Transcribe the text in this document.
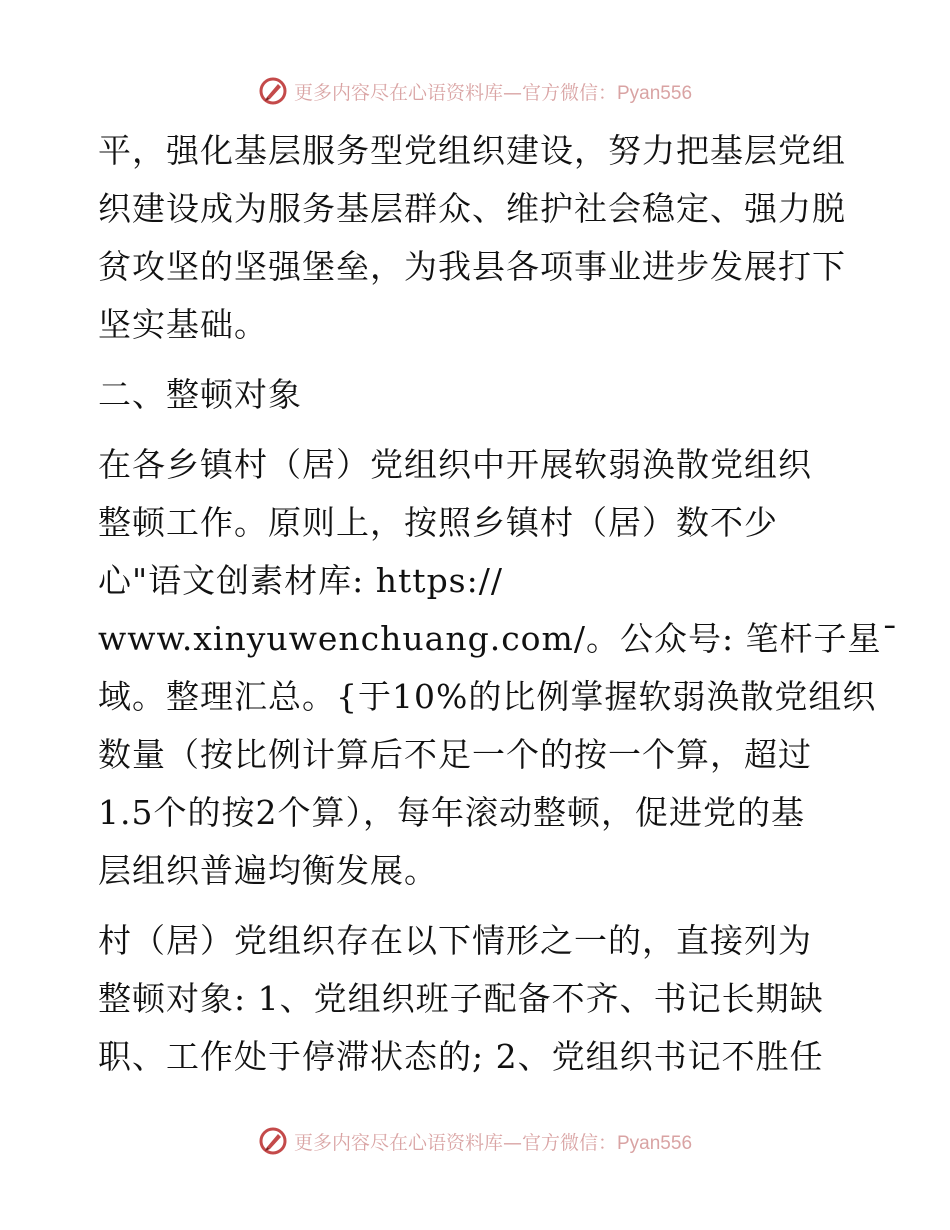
更多内容尽在心语资料库—官方微信：Pyan556

平，强化基层服务型党组织建设，努力把基层党组
织建设成为服务基层群众、维护社会稳定、强力脱
贫攻坚的坚强堡垒，为我县各项事业进步发展打下
坚实基础。

二、整顿对象

在各乡镇村（居）党组织中开展软弱涣散党组织
整顿工作。原则上，按照乡镇村（居）数不少
心"语文创素材库: https://
www.xinyuwenchuang.com/。公众号: 笔杆子星¯
域。整理汇总。{于10%的比例掌握软弱涣散党组织
数量（按比例计算后不足一个的按一个算，超过
1.5个的按2个算），每年滚动整顿，促进党的基
层组织普遍均衡发展。

村（居）党组织存在以下情形之一的，直接列为
整顿对象: 1、党组织班子配备不齐、书记长期缺
职、工作处于停滞状态的; 2、党组织书记不胜任

更多内容尽在心语资料库—官方微信：Pyan556
